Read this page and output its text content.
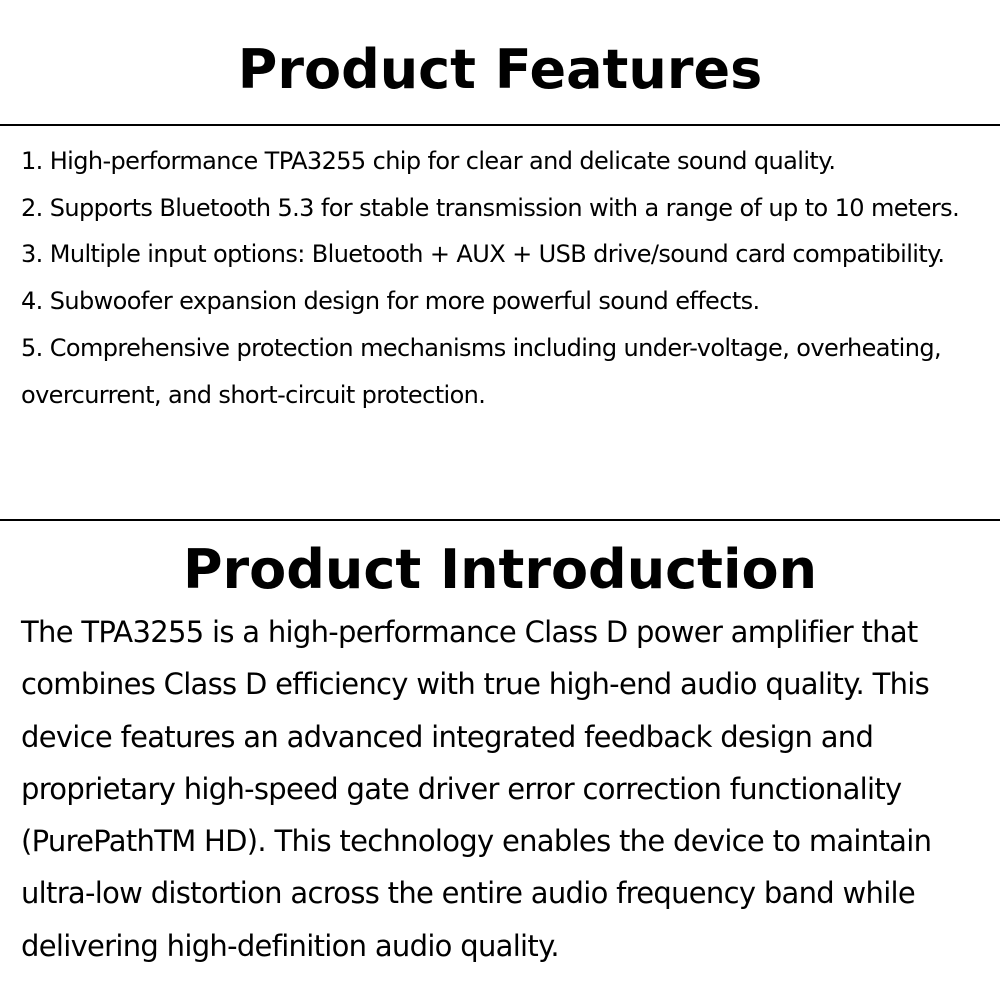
Product Features
1. High-performance TPA3255 chip for clear and delicate sound quality.
2. Supports Bluetooth 5.3 for stable transmission with a range of up to 10 meters.
3. Multiple input options: Bluetooth + AUX + USB drive/sound card compatibility.
4. Subwoofer expansion design for more powerful sound effects.
5. Comprehensive protection mechanisms including under-voltage, overheating, overcurrent, and short-circuit protection.
Product Introduction

The TPA3255 is a high-performance Class D power amplifier that combines Class D efficiency with true high-end audio quality. This device features an advanced integrated feedback design and proprietary high-speed gate driver error correction functionality (PurePathTM HD). This technology enables the device to maintain ultra-low distortion across the entire audio frequency band while delivering high-definition audio quality.
